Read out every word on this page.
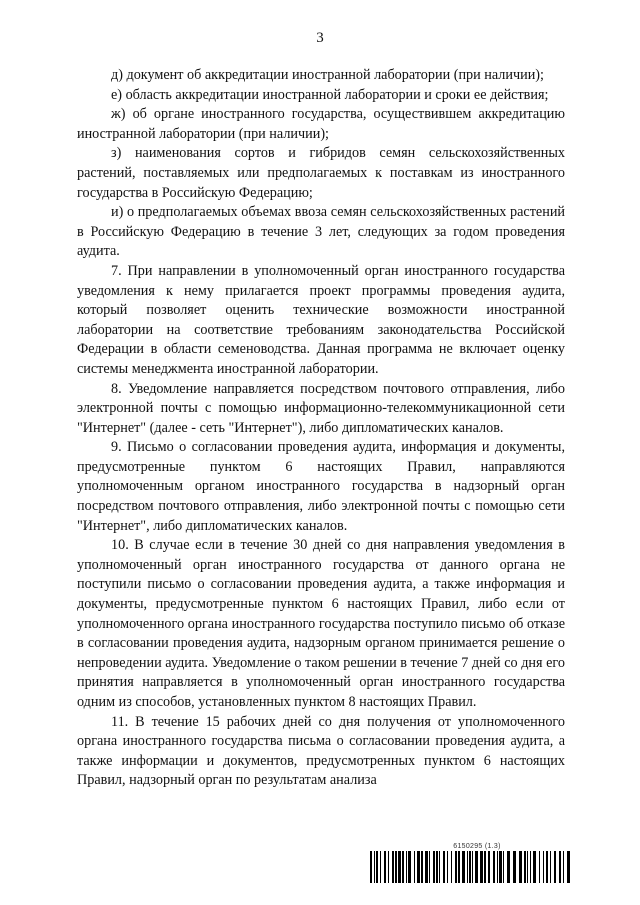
3

д) документ об аккредитации иностранной лаборатории (при наличии);

е) область аккредитации иностранной лаборатории и сроки ее действия;

ж) об органе иностранного государства, осуществившем аккредитацию иностранной лаборатории (при наличии);

з) наименования сортов и гибридов семян сельскохозяйственных растений, поставляемых или предполагаемых к поставкам из иностранного государства в Российскую Федерацию;

и) о предполагаемых объемах ввоза семян сельскохозяйственных растений в Российскую Федерацию в течение 3 лет, следующих за годом проведения аудита.

7. При направлении в уполномоченный орган иностранного государства уведомления к нему прилагается проект программы проведения аудита, который позволяет оценить технические возможности иностранной лаборатории на соответствие требованиям законодательства Российской Федерации в области семеноводства. Данная программа не включает оценку системы менеджмента иностранной лаборатории.

8. Уведомление направляется посредством почтового отправления, либо электронной почты с помощью информационно-телекоммуникационной сети "Интернет" (далее - сеть "Интернет"), либо дипломатических каналов.

9. Письмо о согласовании проведения аудита, информация и документы, предусмотренные пунктом 6 настоящих Правил, направляются уполномоченным органом иностранного государства в надзорный орган посредством почтового отправления, либо электронной почты с помощью сети "Интернет", либо дипломатических каналов.

10. В случае если в течение 30 дней со дня направления уведомления в уполномоченный орган иностранного государства от данного органа не поступили письмо о согласовании проведения аудита, а также информация и документы, предусмотренные пунктом 6 настоящих Правил, либо если от уполномоченного органа иностранного государства поступило письмо об отказе в согласовании проведения аудита, надзорным органом принимается решение о непроведении аудита. Уведомление о таком решении в течение 7 дней со дня его принятия направляется в уполномоченный орган иностранного государства одним из способов, установленных пунктом 8 настоящих Правил.

11. В течение 15 рабочих дней со дня получения от уполномоченного органа иностранного государства письма о согласовании проведения аудита, а также информации и документов, предусмотренных пунктом 6 настоящих Правил, надзорный орган по результатам анализа

6150295 (1.3)
